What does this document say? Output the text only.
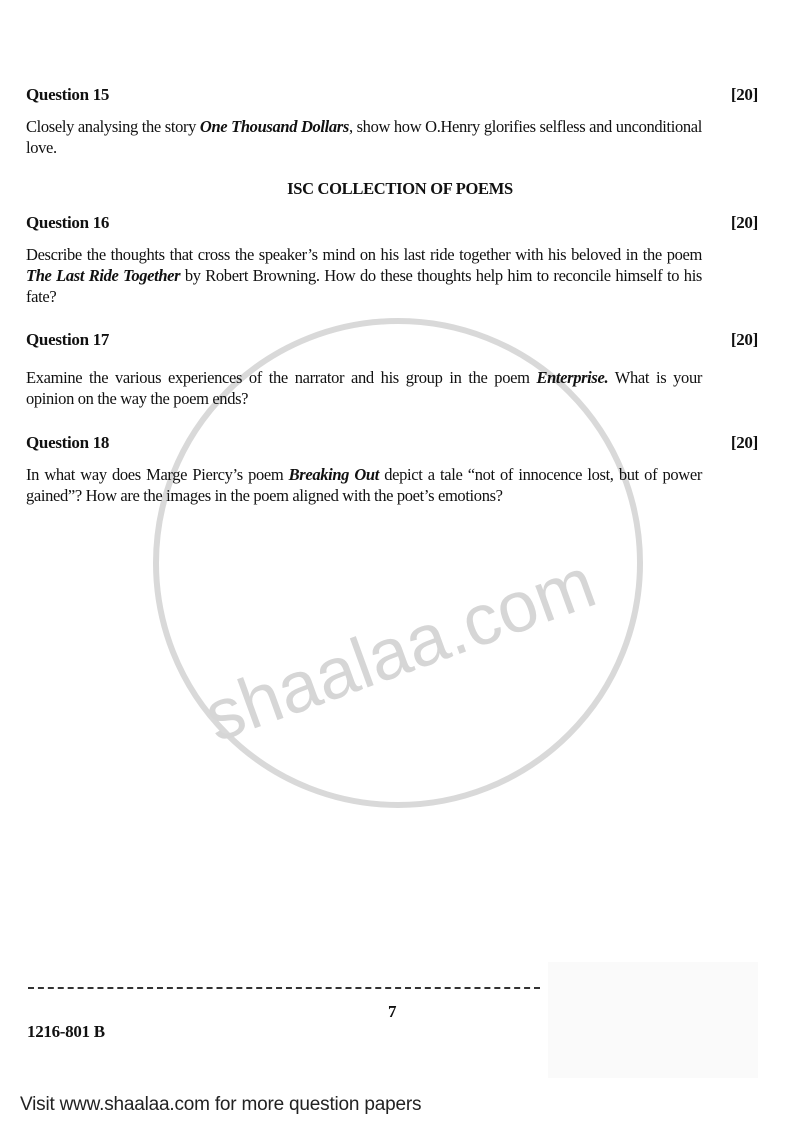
shaalaa.com
Question 15	[20]
Closely analysing the story One Thousand Dollars, show how O.Henry glorifies selfless and unconditional love.
ISC COLLECTION OF POEMS
Question 16	[20]
Describe the thoughts that cross the speaker’s mind on his last ride together with his beloved in the poem The Last Ride Together by Robert Browning. How do these thoughts help him to reconcile himself to his fate?
Question 17	[20]
Examine the various experiences of the narrator and his group in the poem Enterprise. What is your opinion on the way the poem ends?
Question 18	[20]
In what way does Marge Piercy’s poem Breaking Out depict a tale “not of innocence lost, but of power gained”? How are the images in the poem aligned with the poet’s emotions?
7
1216-801 B
Visit www.shaalaa.com for more question papers
